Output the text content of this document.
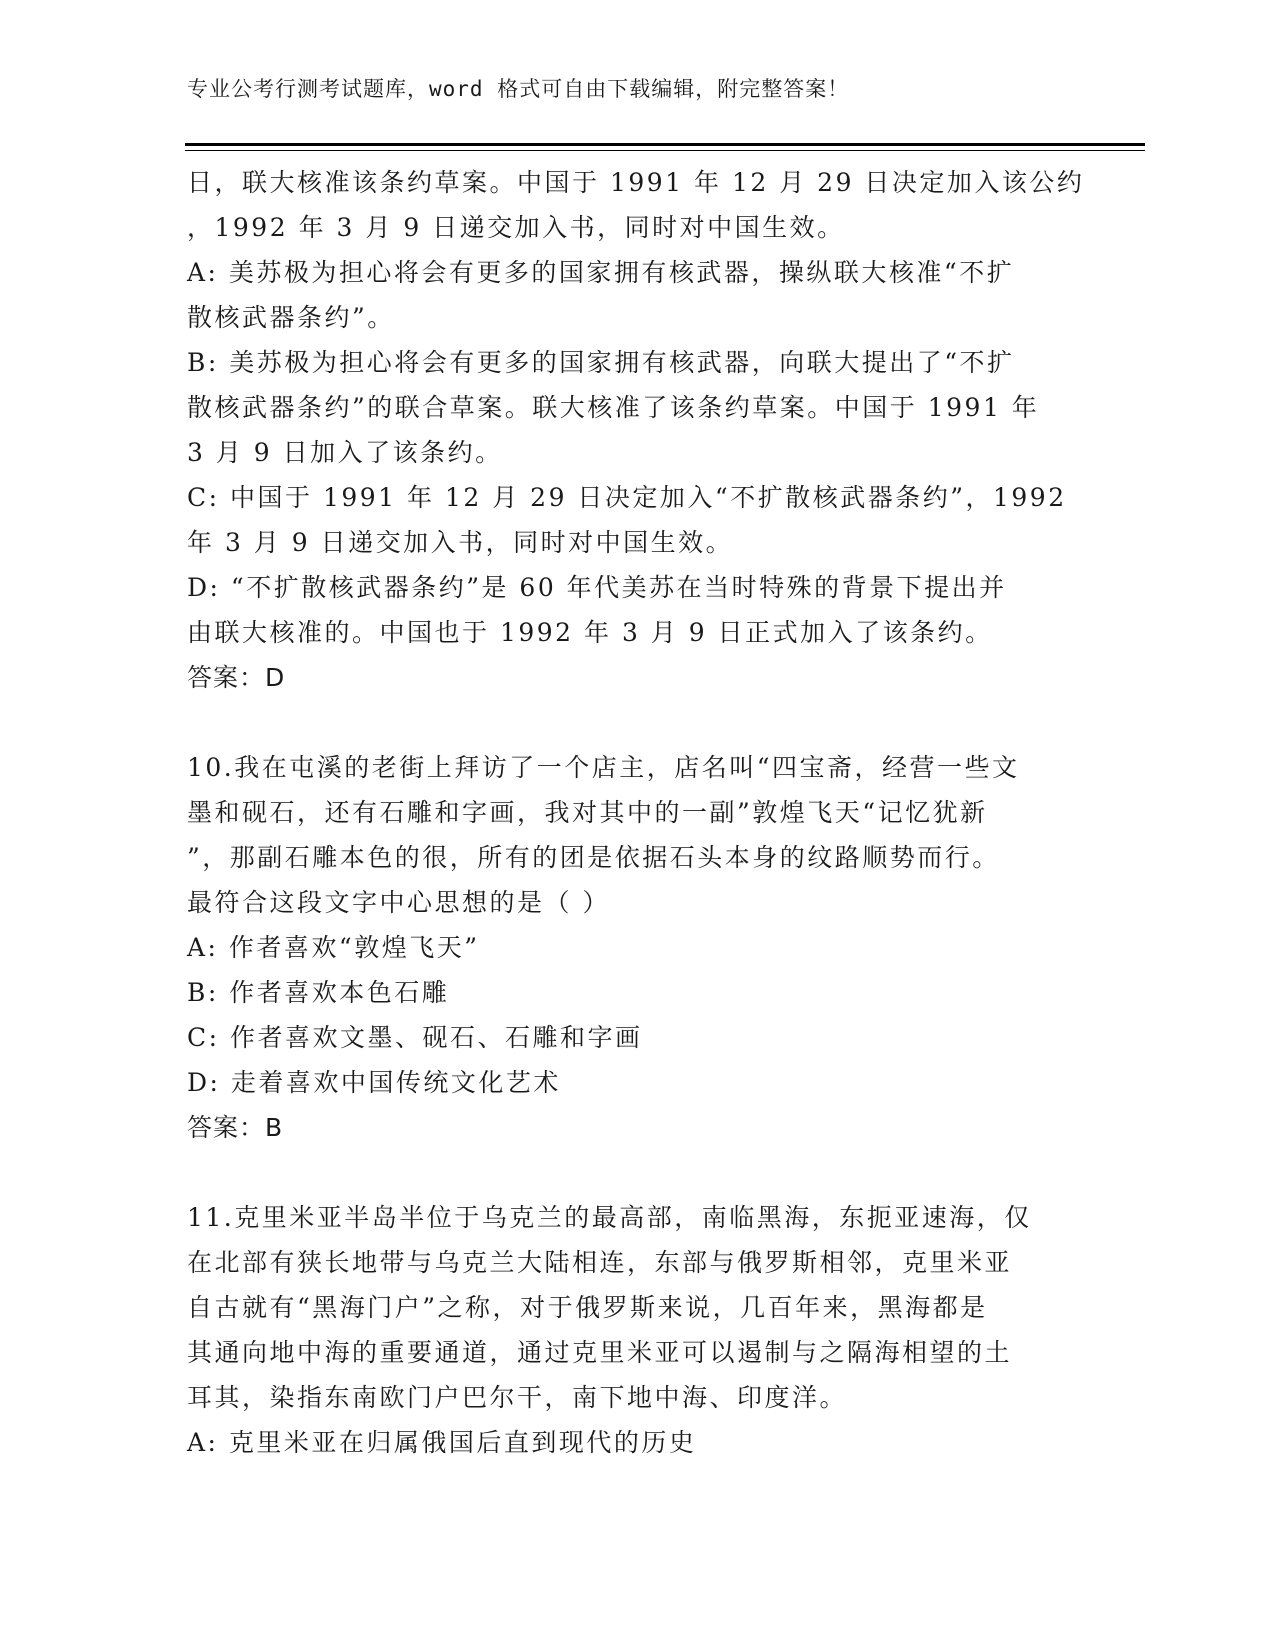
专业公考行测考试题库，word 格式可自由下载编辑，附完整答案！
日，联大核准该条约草案。中国于 1991 年 12 月 29 日决定加入该公约
，1992 年 3 月 9 日递交加入书，同时对中国生效。
A: 美苏极为担心将会有更多的国家拥有核武器，操纵联大核准“不扩
散核武器条约”。
B: 美苏极为担心将会有更多的国家拥有核武器，向联大提出了“不扩
散核武器条约”的联合草案。联大核准了该条约草案。中国于 1991 年
3 月 9 日加入了该条约。
C: 中国于 1991 年 12 月 29 日决定加入“不扩散核武器条约”，1992
年 3 月 9 日递交加入书，同时对中国生效。
D: “不扩散核武器条约”是 60 年代美苏在当时特殊的背景下提出并
由联大核准的。中国也于 1992 年 3 月 9 日正式加入了该条约。
答案：D
10.我在屯溪的老街上拜访了一个店主，店名叫“四宝斋，经营一些文
墨和砚石，还有石雕和字画，我对其中的一副”敦煌飞天“记忆犹新
”，那副石雕本色的很，所有的团是依据石头本身的纹路顺势而行。
最符合这段文字中心思想的是（ ）
A: 作者喜欢“敦煌飞天”
B: 作者喜欢本色石雕
C: 作者喜欢文墨、砚石、石雕和字画
D: 走着喜欢中国传统文化艺术
答案：B
11.克里米亚半岛半位于乌克兰的最高部，南临黑海，东扼亚速海，仅
在北部有狭长地带与乌克兰大陆相连，东部与俄罗斯相邻，克里米亚
自古就有“黑海门户”之称，对于俄罗斯来说，几百年来，黑海都是
其通向地中海的重要通道，通过克里米亚可以遏制与之隔海相望的土
耳其，染指东南欧门户巴尔干，南下地中海、印度洋。
A: 克里米亚在归属俄国后直到现代的历史
